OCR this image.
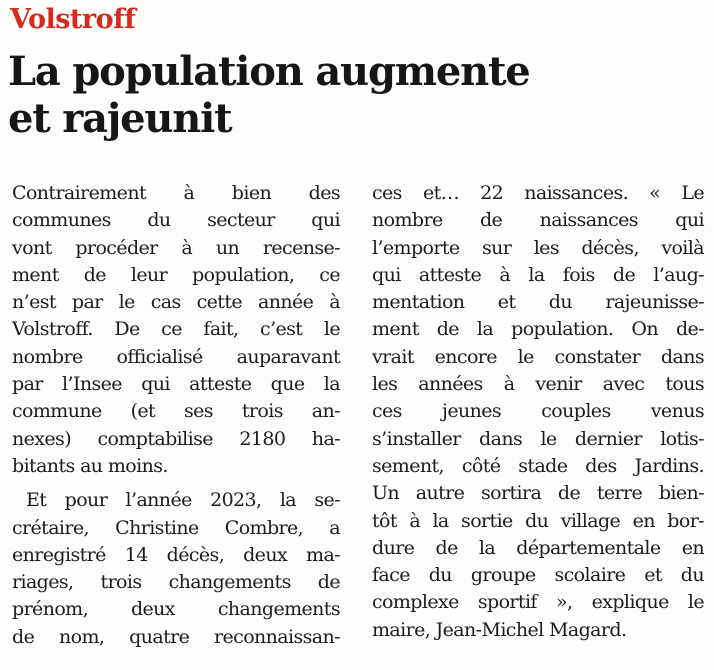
Volstroff
La population augmente
et rajeunit
Contrairement à bien des
communes du secteur qui
vont procéder à un recense-
ment de leur population, ce
n’est par le cas cette année à
Volstroff. De ce fait, c’est le
nombre officialisé auparavant
par l’Insee qui atteste que la
commune (et ses trois an-
nexes) comptabilise 2180 ha-
bitants au moins.
Et pour l’année 2023, la se-
crétaire, Christine Combre, a
enregistré 14 décès, deux ma-
riages, trois changements de
prénom, deux changements
de nom, quatre reconnaissan-
ces et… 22 naissances. « Le
nombre de naissances qui
l’emporte sur les décès, voilà
qui atteste à la fois de l’aug-
mentation et du rajeunisse-
ment de la population. On de-
vrait encore le constater dans
les années à venir avec tous
ces jeunes couples venus
s’installer dans le dernier lotis-
sement, côté stade des Jardins.
Un autre sortira de terre bien-
tôt à la sortie du village en bor-
dure de la départementale en
face du groupe scolaire et du
complexe sportif », explique le
maire, Jean-Michel Magard.
